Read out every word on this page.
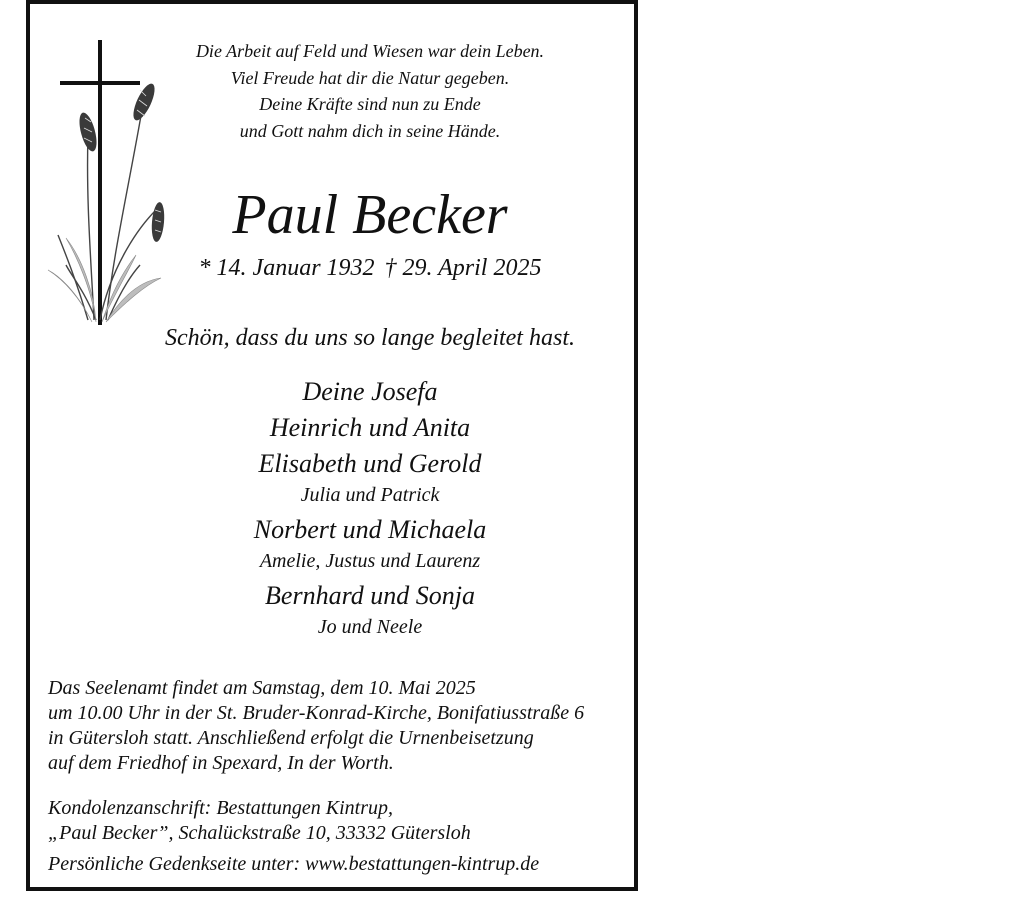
Die Arbeit auf Feld und Wiesen war dein Leben.
Viel Freude hat dir die Natur gegeben.
Deine Kräfte sind nun zu Ende
und Gott nahm dich in seine Hände.
Paul Becker
* 14. Januar 1932 † 29. April 2025
Schön, dass du uns so lange begleitet hast.
Deine Josefa
Heinrich und Anita
Elisabeth und Gerold
Julia und Patrick
Norbert und Michaela
Amelie, Justus und Laurenz
Bernhard und Sonja
Jo und Neele
Das Seelenamt findet am Samstag, dem 10. Mai 2025
um 10.00 Uhr in der St. Bruder-Konrad-Kirche, Bonifatiusstraße 6
in Gütersloh statt. Anschließend erfolgt die Urnenbeisetzung
auf dem Friedhof in Spexard, In der Worth.
Kondolenzanschrift: Bestattungen Kintrup,
„Paul Becker”, Schalückstraße 10, 33332 Gütersloh
Persönliche Gedenkseite unter: www.bestattungen-kintrup.de
